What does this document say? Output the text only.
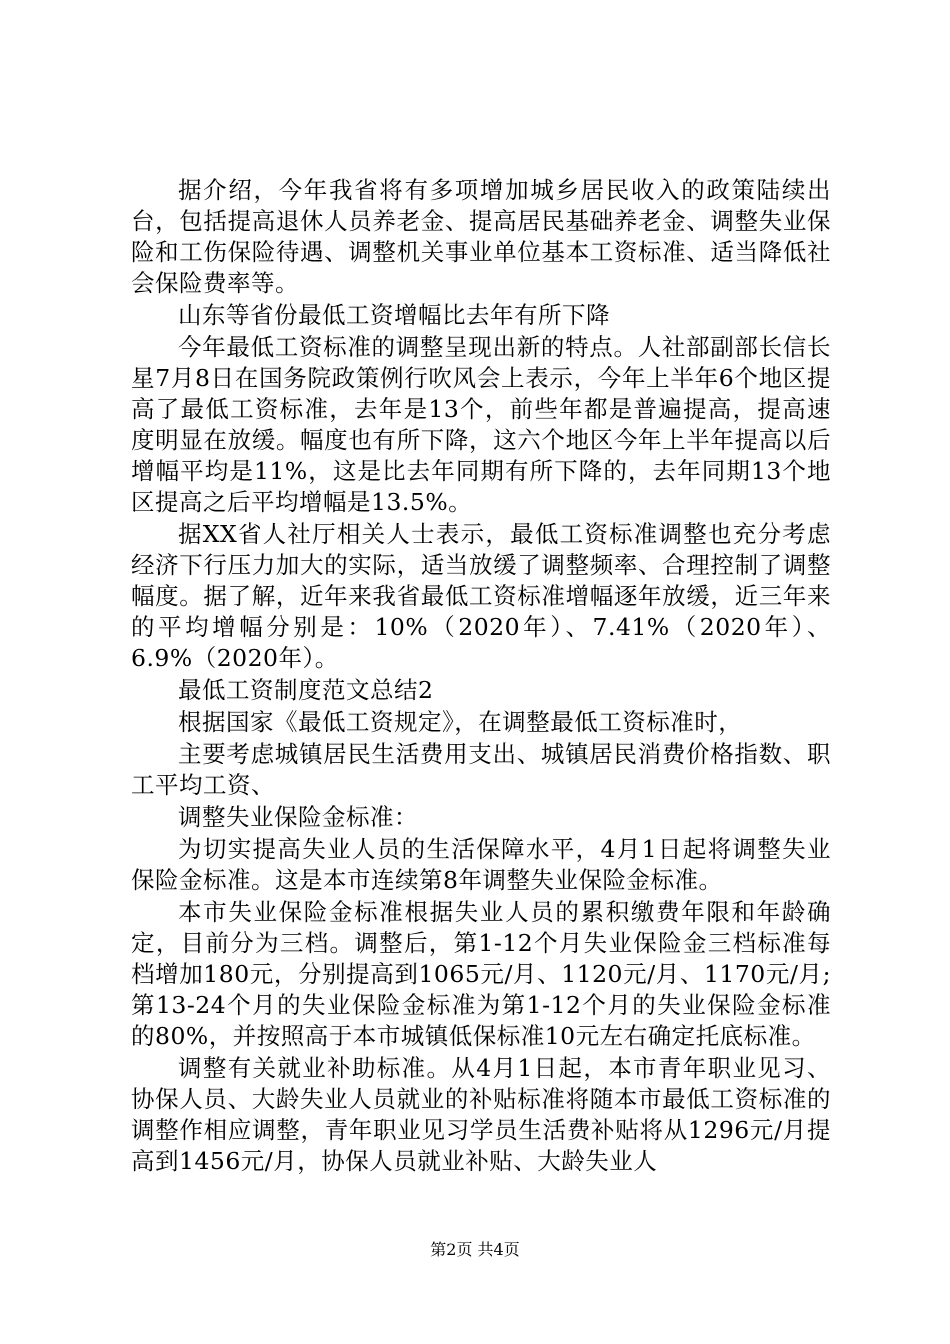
据介绍，今年我省将有多项增加城乡居民收入的政策陆续出台，包括提高退休人员养老金、提高居民基础养老金、调整失业保险和工伤保险待遇、调整机关事业单位基本工资标准、适当降低社会保险费率等。

山东等省份最低工资增幅比去年有所下降

今年最低工资标准的调整呈现出新的特点。人社部副部长信长星7月8日在国务院政策例行吹风会上表示，今年上半年6个地区提高了最低工资标准，去年是13个，前些年都是普遍提高，提高速度明显在放缓。幅度也有所下降，这六个地区今年上半年提高以后增幅平均是11%，这是比去年同期有所下降的，去年同期13个地区提高之后平均增幅是13.5%。

据XX省人社厅相关人士表示，最低工资标准调整也充分考虑经济下行压力加大的实际，适当放缓了调整频率、合理控制了调整幅度。据了解，近年来我省最低工资标准增幅逐年放缓，近三年来的平均增幅分别是：10%（2020年）、7.41%（2020年）、6.9%（2020年）。

最低工资制度范文总结2

根据国家《最低工资规定》，在调整最低工资标准时，

主要考虑城镇居民生活费用支出、城镇居民消费价格指数、职工平均工资、

调整失业保险金标准：

为切实提高失业人员的生活保障水平，4月1日起将调整失业保险金标准。这是本市连续第8年调整失业保险金标准。

本市失业保险金标准根据失业人员的累积缴费年限和年龄确定，目前分为三档。调整后，第1-12个月失业保险金三档标准每档增加180元，分别提高到1065元/月、1120元/月、1170元/月;第13-24个月的失业保险金标准为第1-12个月的失业保险金标准的80%，并按照高于本市城镇低保标准10元左右确定托底标准。

调整有关就业补助标准。从4月1日起，本市青年职业见习、协保人员、大龄失业人员就业的补贴标准将随本市最低工资标准的调整作相应调整，青年职业见习学员生活费补贴将从1296元/月提高到1456元/月，协保人员就业补贴、大龄失业人

第2页 共4页
